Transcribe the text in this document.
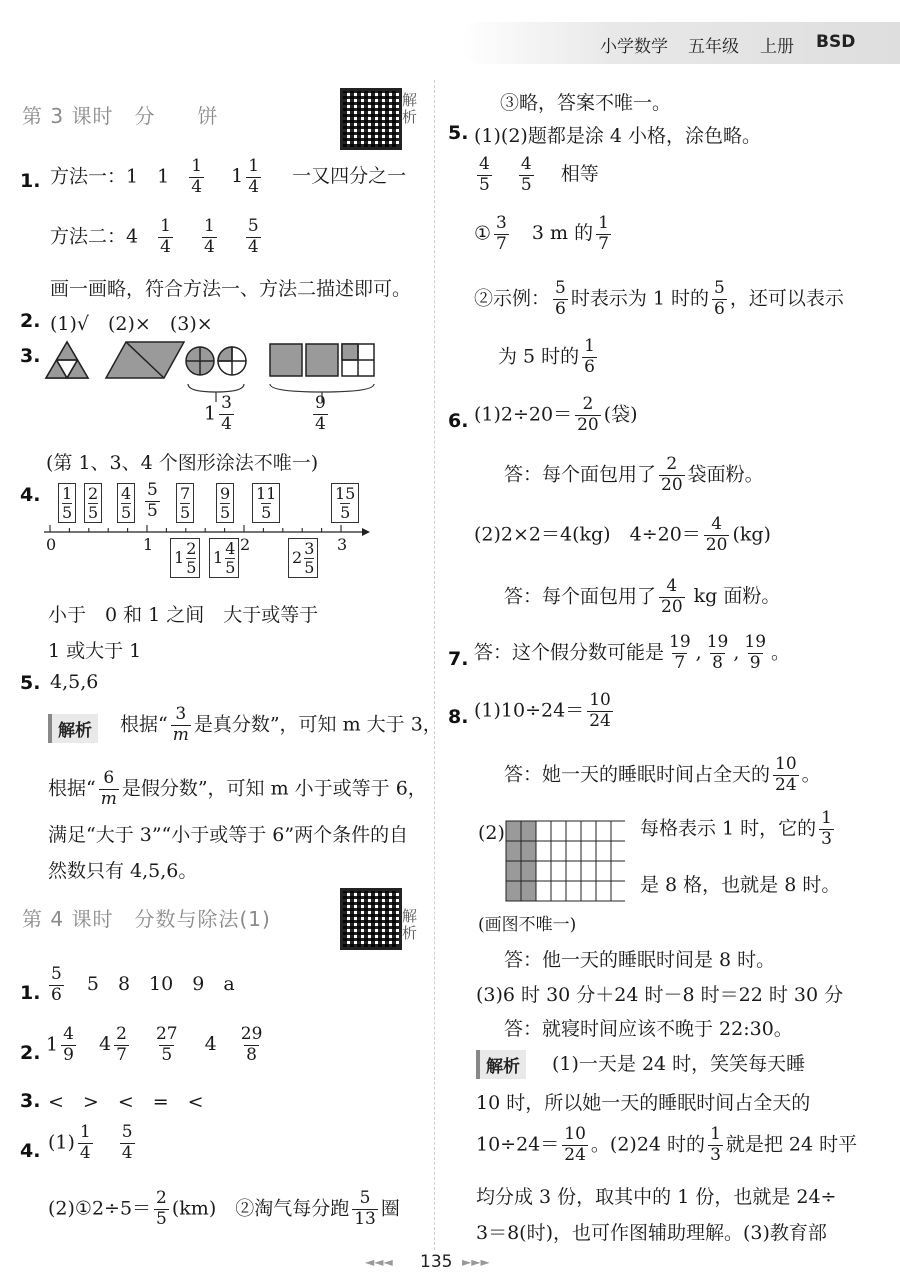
小学数学 五年级 上册 BSD
第 3 课时　分　　饼
解析
1. 方法一：1　$1 \frac{1}{4} 1 \frac{1}{4}$ 一又四分之一
方法二：$4 \frac{1}{4}$
$\frac{1}{4}$
$\frac{5}{4}$
画一画略，符合方法一、方法二描述即可。
2. (1)√　(2)×　(3)×
3.
$1 \frac{3}{4}$	$\frac{9}{4}$
(第 1、3、4 个图形涂法不唯一)
4. $\frac{1}{5} \frac{2}{5} \frac{4}{5} \frac{5}{5} \frac{7}{5} \frac{9}{5} \frac{11}{5}$	$\frac{15}{5}$
0	1	2	3
1 2
5 1 4
5	2 3
5
小于　0 和 1 之间　大于或等于
1 或大于 1
5. 4,5,6
解析	根据“ $\frac{3}{m}$ 是真分数”，可知 m 大于 3，
根据“ $\frac{6}{m}$ 是假分数”，可知 m 小于或等于 6，
满足“大于 3”“小于或等于 6”两个条件的自
然数只有 4,5,6。
第 4 课时　分数与除法(1)	解析
1. $\frac{5}{6} 5$　8　10　9　a
2. $1 \frac{4}{9} 4 \frac{2}{7}$
$\frac{27}{5} 4 \frac{29}{8}$
3. <　>　<　=　<
4. $(1) \frac{1}{4}$
$\frac{5}{4}$
(2)①2÷5＝ $\frac{2}{5} (km)$　②淘气每分跑 $\frac{5}{13}$ 圈
③略，答案不唯一。
5. (1)(2)题都是涂 4 小格，涂色略。
$\frac{4}{5}$
$\frac{4}{5}$ 相等
① $\frac{3}{7} 3$ m 的 $\frac{1}{7}$
②示例： $\frac{5}{6}$ 时表示为 1 时的 $\frac{5}{6}$ ，还可以表示
为 5 时的 $\frac{1}{6}$
6. $(1)2\div 20= \frac{2}{20}$ (袋)
答：每个面包用了 $\frac{2}{20}$ 袋面粉。
(2)2×2＝4(kg)　$4\div 20= \frac{4}{20} (kg)$
答：每个面包用了 $\frac{4}{20}$ kg 面粉。
7. 答：这个假分数可能是 $\frac{19}{7}$ , $\frac{19}{8}$ , $\frac{19}{9}$ 。
8. $(1)10\div 24= \frac{10}{24}$
答：她一天的睡眠时间占全天的 $\frac{10}{24}$ 。
(2)	每格表示 1 时，它的 $\frac{1}{3}$
是 8 格，也就是 8 时。
(画图不唯一)
答：他一天的睡眠时间是 8 时。
(3)6 时 30 分＋24 时－8 时＝22 时 30 分
答：就寝时间应该不晚于 22:30。
解析	(1)一天是 24 时，笑笑每天睡
10 时，所以她一天的睡眠时间占全天的
$10\div 24= \frac{10}{24}$ 。(2)24 时的 $\frac{1}{3}$ 就是把 24 时平
均分成 3 份，取其中的 1 份，也就是 24÷
3＝8(时)，也可作图辅助理解。(3)教育部
◄◄◄ 135 ►►►
